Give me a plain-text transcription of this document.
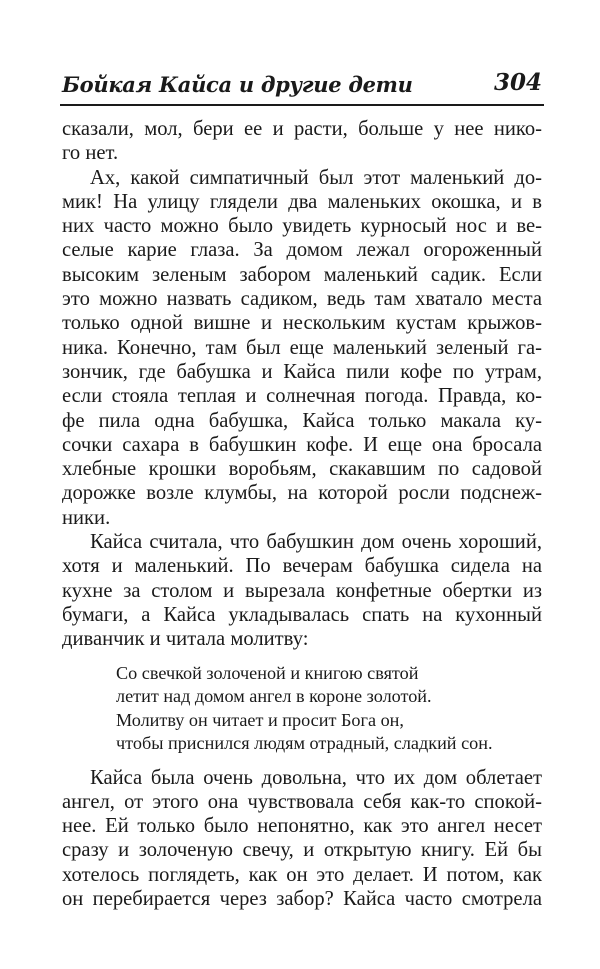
Бойкая Кайса и другие дети	304
сказали, мол, бери ее и расти, больше у нее нико-
го нет.
Ах, какой симпатичный был этот маленький до-
мик! На улицу глядели два маленьких окошка, и в
них часто можно было увидеть курносый нос и ве-
селые карие глаза. За домом лежал огороженный
высоким зеленым забором маленький садик. Если
это можно назвать садиком, ведь там хватало места
только одной вишне и нескольким кустам крыжов-
ника. Конечно, там был еще маленький зеленый га-
зончик, где бабушка и Кайса пили кофе по утрам,
если стояла теплая и солнечная погода. Правда, ко-
фе пила одна бабушка, Кайса только макала ку-
сочки сахара в бабушкин кофе. И еще она бросала
хлебные крошки воробьям, скакавшим по садовой
дорожке возле клумбы, на которой росли подснеж-
ники.
Кайса считала, что бабушкин дом очень хороший,
хотя и маленький. По вечерам бабушка сидела на
кухне за столом и вырезала конфетные обертки из
бумаги, а Кайса укладывалась спать на кухонный
диванчик и читала молитву:
Со свечкой золоченой и книгою святой
летит над домом ангел в короне золотой.
Молитву он читает и просит Бога он,
чтобы приснился людям отрадный, сладкий сон.
Кайса была очень довольна, что их дом облетает
ангел, от этого она чувствовала себя как-то спокой-
нее. Ей только было непонятно, как это ангел несет
сразу и золоченую свечу, и открытую книгу. Ей бы
хотелось поглядеть, как он это делает. И потом, как
он перебирается через забор? Кайса часто смотрела
